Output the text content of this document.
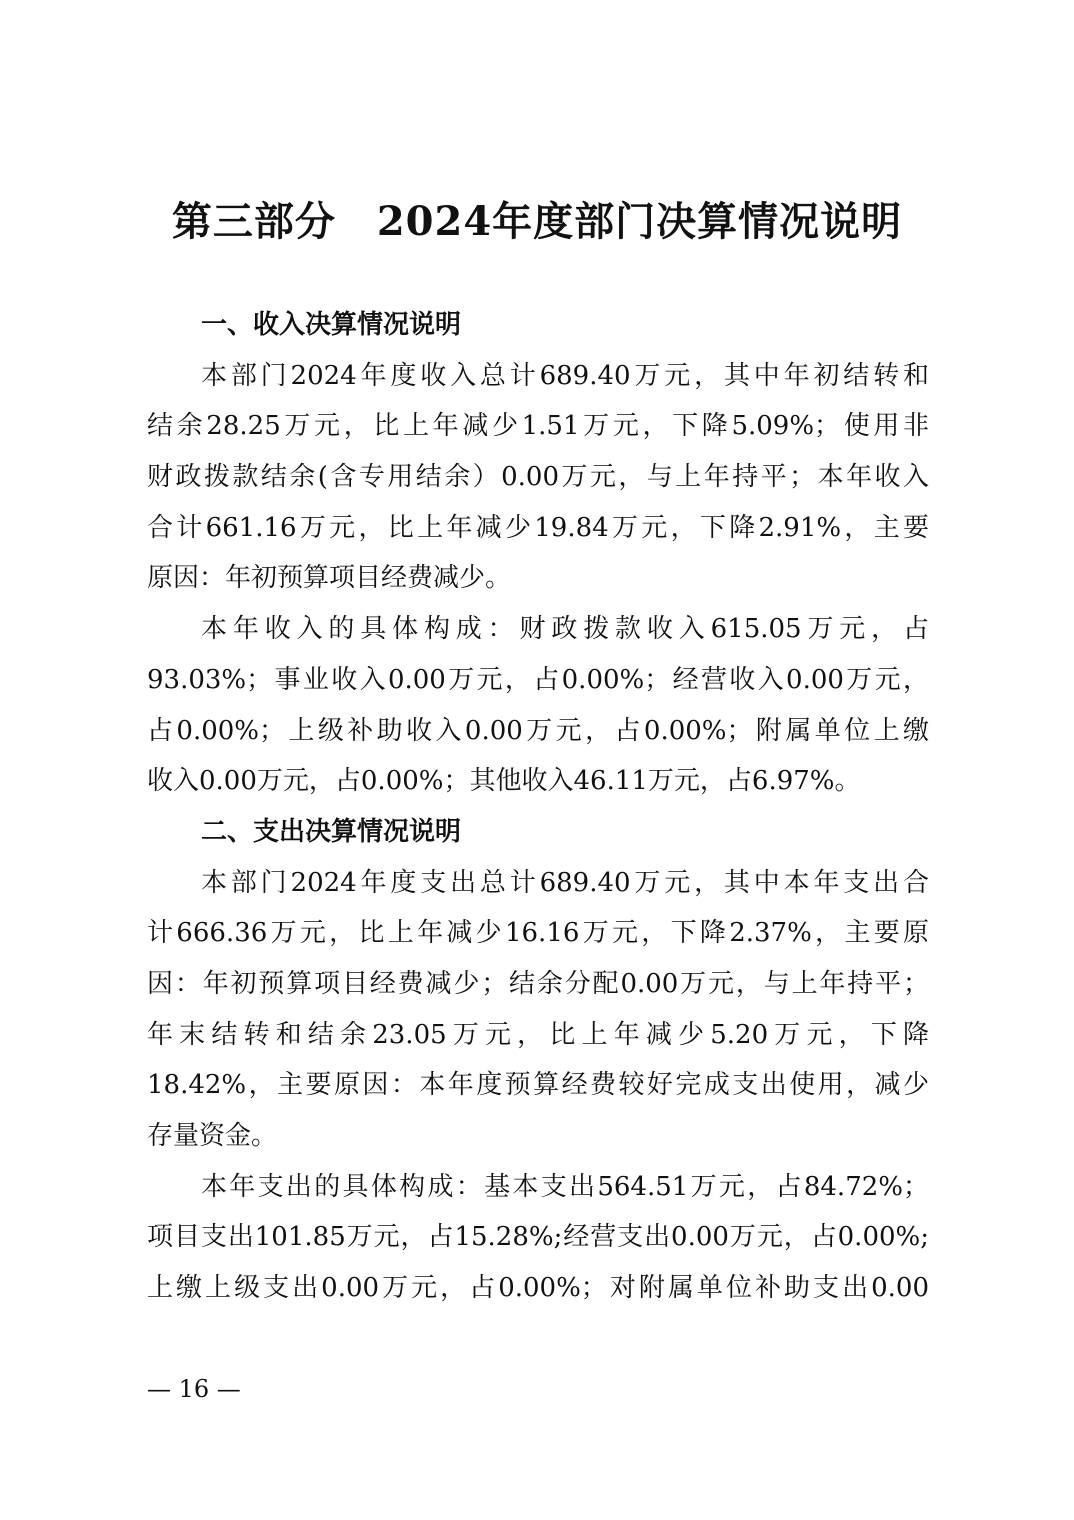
第三部分　2024年度部门决算情况说明
一、收入决算情况说明
本部门2024年度收入总计689.40万元，其中年初结转和
结余28.25万元，比上年减少1.51万元，下降5.09%；使用非
财政拨款结余(含专用结余）0.00万元，与上年持平；本年收入
合计661.16万元，比上年减少19.84万元，下降2.91%，主要
原因：年初预算项目经费减少。
本年收入的具体构成：财政拨款收入615.05万元，占
93.03%；事业收入0.00万元，占0.00%；经营收入0.00万元，
占0.00%；上级补助收入0.00万元，占0.00%；附属单位上缴
收入0.00万元，占0.00%；其他收入46.11万元，占6.97%。
二、支出决算情况说明
本部门2024年度支出总计689.40万元，其中本年支出合
计666.36万元，比上年减少16.16万元，下降2.37%，主要原
因：年初预算项目经费减少；结余分配0.00万元，与上年持平；
年末结转和结余23.05万元，比上年减少5.20万元，下降
18.42%，主要原因：本年度预算经费较好完成支出使用，减少
存量资金。
本年支出的具体构成：基本支出564.51万元，占84.72%；
项目支出101.85万元，占15.28%;经营支出0.00万元，占0.00%;
上缴上级支出0.00万元，占0.00%；对附属单位补助支出0.00
— 16 —
